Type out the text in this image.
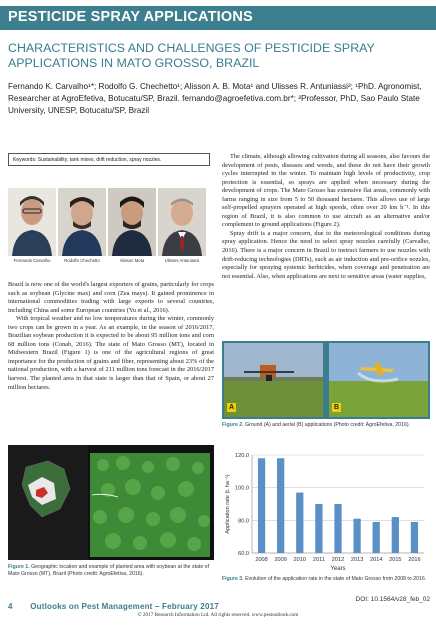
PESTICIDE SPRAY APPLICATIONS
CHARACTERISTICS AND CHALLENGES OF PESTICIDE SPRAY APPLICATIONS IN MATO GROSSO, BRAZIL
Fernando K. Carvalho¹*; Rodolfo G. Chechetto¹; Alisson A. B. Mota¹ and Ulisses R. Antuniassi²; ¹PhD. Agronomist, Researcher at AgroEfetiva, Botucatu/SP, Brazil. fernando@agroefetiva.com.br*; ²Professor, PhD, Sao Paulo State University, UNESP, Botucatu/SP, Brazil
Keywords: Sustainability, tank mixes, drift reduction, spray nozzles.
Fernando Carvalho	Rodolfo Chechetto	Alisson Mota	Ulisses Antuniassi

Brazil is now one of the world's largest exporters of grains, particularly for crops such as soybean (Glycine max) and corn (Zea mays). It gained prominence in international commodities trading with large exports to several countries, including China and some European countries (Yu et al., 2016).

With tropical weather and no low temperatures during the winter, commonly two crops can be grown in a year. As an example, in the season of 2016/2017, Brazilian soybean production it is expected to be about 95 million tons and corn 68 million tons (Conab, 2016). The state of Mato Grosso (MT), located in Midwestern Brazil (Figure 1) is one of the agricultural regions of great importance for the production of grains and fiber, representing about 23% of the national production, with a harvest of 211 million tons forecast in the 2016/2017 harvest. The planted area in that state is larger than that of Spain, or about 27 million hectares.

Figure 1. Geographic location and example of planted area with soybean at the state of Mato Grosso (MT), Brazil (Photo credit: AgroEfetiva, 2016).

The climate, although allowing cultivation during all seasons, also favours the development of pests, diseases and weeds, and these do not have their growth cycles interrupted in the winter. To maintain high levels of productivity, crop protection is essential, so sprays are applied when necessary during the development of crops. The Mato Grosso has extensive flat areas, commonly with farms ranging in size from 5 to 50 thousand hectares. This allows use of large self-propelled sprayers operated at high speeds, often over 20 km h⁻¹. In this region of Brazil, it is also common to use aircraft as an alternative and/or complement to ground applications (Figure 2).

Spray drift is a major concern, due to the meteorological conditions during spray application. Hence the need to select spray nozzles carefully (Carvalho, 2016). There is a major concern in Brazil to instruct farmers to use nozzles with drift-reducing technologies (DRTs), such as air induction and pre-orifice nozzles, especially for spraying systemic herbicides, when coverage and penetration are not essential. Also, when applications are next to sensitive areas (water supplies,

A	B
Figure 2. Ground (A) and aerial (B) applications (Photo credit: AgroEfetiva, 2016).
60.0
80.0
100.0
120.0
2008 2009 2010 2011 2012 2013 2014 2015 2016
Years
Application rate (L ha⁻¹)
Figure 3. Evolution of the application rate in the state of Mato Grosso from 2008 to 2016.
4 Outlooks on Pest Management – February 2017
DOI: 10.1564/v28_feb_02
© 2017 Research Information Ltd. All rights reserved. www.pestoutlook.com
